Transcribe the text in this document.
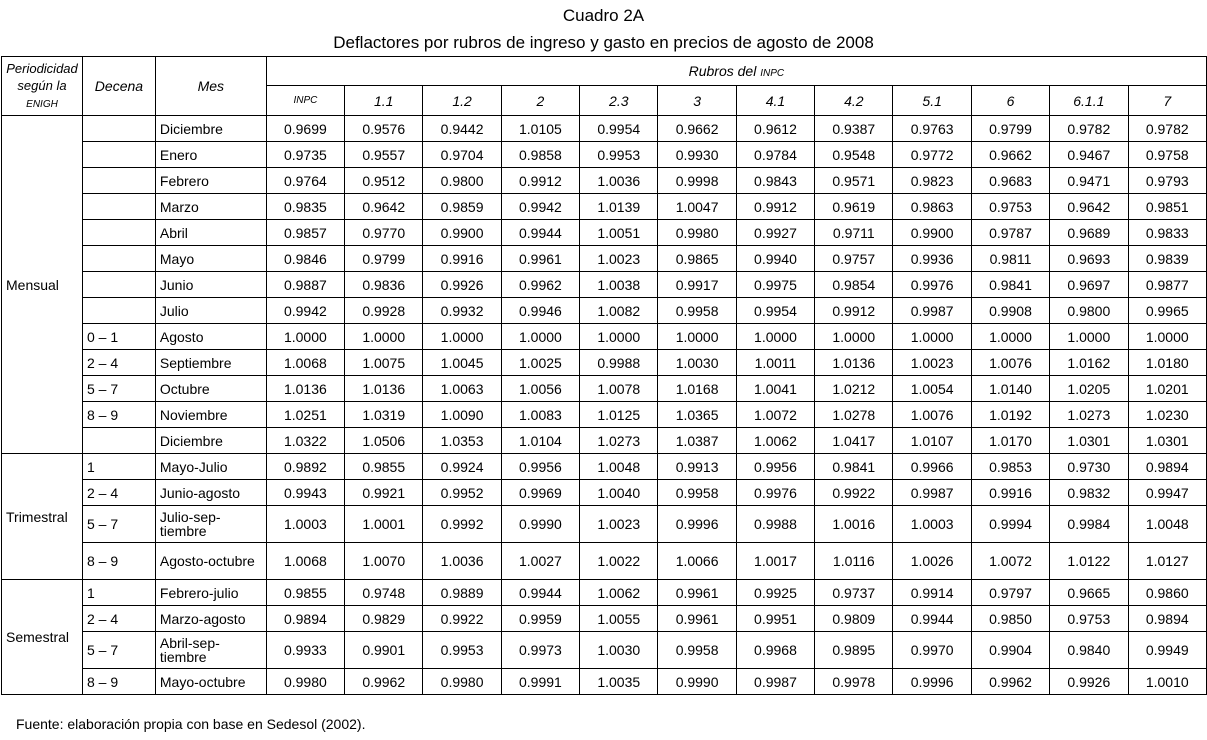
Cuadro 2A
Deflactores por rubros de ingreso y gasto en precios de agosto de 2008
Periodicidad
según la
ENIGH	Decena	Mes	Rubros del INPC											
			INPC	1.1	1.2	2	2.3	3	4.1	4.2	5.1	6	6.1.1	7
Mensual		Diciembre	0.9699	0.9576	0.9442	1.0105	0.9954	0.9662	0.9612	0.9387	0.9763	0.9799	0.9782	0.9782
		Enero	0.9735	0.9557	0.9704	0.9858	0.9953	0.9930	0.9784	0.9548	0.9772	0.9662	0.9467	0.9758
		Febrero	0.9764	0.9512	0.9800	0.9912	1.0036	0.9998	0.9843	0.9571	0.9823	0.9683	0.9471	0.9793
		Marzo	0.9835	0.9642	0.9859	0.9942	1.0139	1.0047	0.9912	0.9619	0.9863	0.9753	0.9642	0.9851
		Abril	0.9857	0.9770	0.9900	0.9944	1.0051	0.9980	0.9927	0.9711	0.9900	0.9787	0.9689	0.9833
		Mayo	0.9846	0.9799	0.9916	0.9961	1.0023	0.9865	0.9940	0.9757	0.9936	0.9811	0.9693	0.9839
		Junio	0.9887	0.9836	0.9926	0.9962	1.0038	0.9917	0.9975	0.9854	0.9976	0.9841	0.9697	0.9877
		Julio	0.9942	0.9928	0.9932	0.9946	1.0082	0.9958	0.9954	0.9912	0.9987	0.9908	0.9800	0.9965
	0 – 1	Agosto	1.0000	1.0000	1.0000	1.0000	1.0000	1.0000	1.0000	1.0000	1.0000	1.0000	1.0000	1.0000
	2 – 4	Septiembre	1.0068	1.0075	1.0045	1.0025	0.9988	1.0030	1.0011	1.0136	1.0023	1.0076	1.0162	1.0180
	5 – 7	Octubre	1.0136	1.0136	1.0063	1.0056	1.0078	1.0168	1.0041	1.0212	1.0054	1.0140	1.0205	1.0201
	8 – 9	Noviembre	1.0251	1.0319	1.0090	1.0083	1.0125	1.0365	1.0072	1.0278	1.0076	1.0192	1.0273	1.0230
		Diciembre	1.0322	1.0506	1.0353	1.0104	1.0273	1.0387	1.0062	1.0417	1.0107	1.0170	1.0301	1.0301
Trimestral	1	Mayo-Julio	0.9892	0.9855	0.9924	0.9956	1.0048	0.9913	0.9956	0.9841	0.9966	0.9853	0.9730	0.9894
	2 – 4	Junio-agosto	0.9943	0.9921	0.9952	0.9969	1.0040	0.9958	0.9976	0.9922	0.9987	0.9916	0.9832	0.9947
	5 – 7	Julio-sep-tiembre	1.0003	1.0001	0.9992	0.9990	1.0023	0.9996	0.9988	1.0016	1.0003	0.9994	0.9984	1.0048
	8 – 9	Agosto-octubre	1.0068	1.0070	1.0036	1.0027	1.0022	1.0066	1.0017	1.0116	1.0026	1.0072	1.0122	1.0127
Semestral	1	Febrero-julio	0.9855	0.9748	0.9889	0.9944	1.0062	0.9961	0.9925	0.9737	0.9914	0.9797	0.9665	0.9860
	2 – 4	Marzo-agosto	0.9894	0.9829	0.9922	0.9959	1.0055	0.9961	0.9951	0.9809	0.9944	0.9850	0.9753	0.9894
	5 – 7	Abril-sep-tiembre	0.9933	0.9901	0.9953	0.9973	1.0030	0.9958	0.9968	0.9895	0.9970	0.9904	0.9840	0.9949
	8 – 9	Mayo-octubre	0.9980	0.9962	0.9980	0.9991	1.0035	0.9990	0.9987	0.9978	0.9996	0.9962	0.9926	1.0010
Fuente: elaboración propia con base en Sedesol (2002).
